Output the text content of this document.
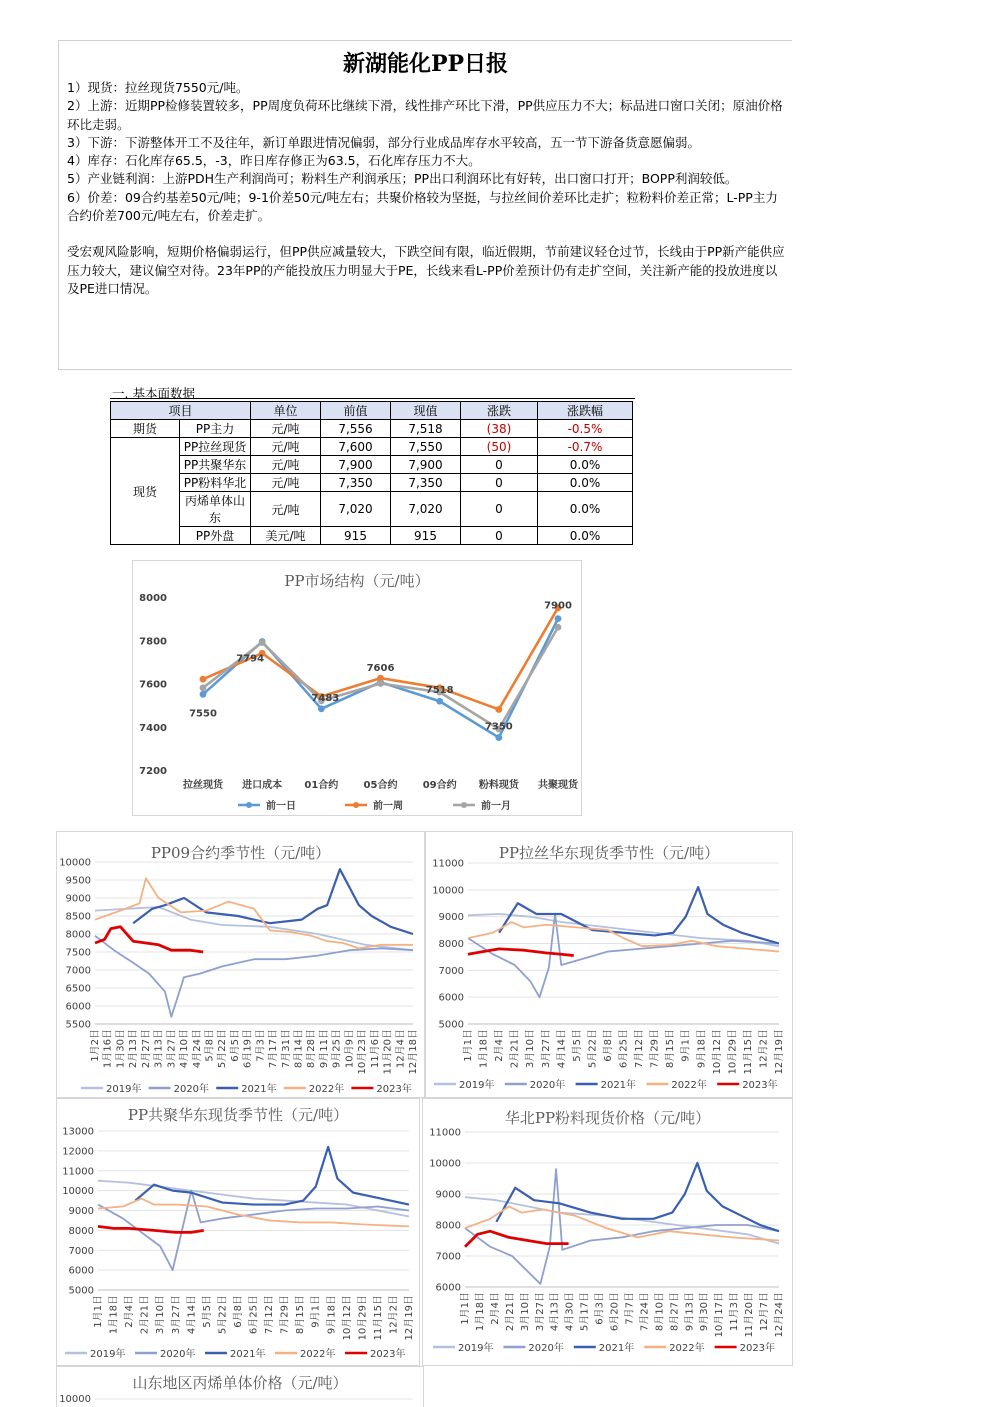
新湖能化PP日报

1）现货：拉丝现货7550元/吨。

2）上游：近期PP检修装置较多，PP周度负荷环比继续下滑，线性排产环比下滑，PP供应压力不大；标品进口窗口关闭；原油价格环比走弱。

3）下游：下游整体开工不及往年，新订单跟进情况偏弱，部分行业成品库存水平较高，五一节下游备货意愿偏弱。

4）库存：石化库存65.5，-3，昨日库存修正为63.5，石化库存压力不大。

5）产业链利润：上游PDH生产利润尚可；粉料生产利润承压；PP出口利润环比有好转，出口窗口打开；BOPP利润较低。

6）价差：09合约基差50元/吨；9-1价差50元/吨左右；共聚价格较为坚挺，与拉丝间价差环比走扩；粒粉料价差正常；L-PP主力合约价差700元/吨左右，价差走扩。

受宏观风险影响，短期价格偏弱运行，但PP供应减量较大，下跌空间有限，临近假期，节前建议轻仓过节，长线由于PP新产能供应压力较大，建议偏空对待。23年PP的产能投放压力明显大于PE，长线来看L-PP价差预计仍有走扩空间，关注新产能的投放进度以及PE进口情况。

一. 基本面数据
项目		单位	前值	现值	涨跌	涨跌幅
期货	PP主力	元/吨	7,556	7,518	(38)	-0.5%
现货	PP拉丝现货	元/吨	7,600	7,550	(50)	-0.7%
	PP共聚华东	元/吨	7,900	7,900	0	0.0%
	PP粉料华北	元/吨	7,350	7,350	0	0.0%
	丙烯单体山东	元/吨	7,020	7,020	0	0.0%
	PP外盘	美元/吨	915	915	0	0.0%
PP市场结构（元/吨）
7200
7400
7600
7800
8000
拉丝现货 进口成本 01合约	05合约	09合约 粉料现货 共聚现货
7550
7794
7483
7606
7518
7350
7900
前一日	前一周	前一月
PP09合约季节性（元/吨）
5500
6000
6500
7000
7500
8000
8500
9000
9500
10000
1月2日 1月16日 1月30日 2月13日 2月27日 3月13日 3月27日 4月10日 4月24日 5月8日 5月22日 6月5日 6月19日 7月3日 7月17日 7月31日 8月14日 8月28日 9月11日 9月25日 10月9日 10月23日 11月6日 11月20日 12月4日 12月18日
2019年	2020年	2021年	2022年	2023年
PP拉丝华东现货季节性（元/吨）
5000
6000
7000
8000
9000
10000
11000
1月1日 1月18日 2月4日 2月21日 3月10日 3月27日 4月14日 5月5日 5月22日 6月8日 6月25日 7月12日 7月29日 8月15日 9月1日 9月18日 10月12日 10月29日 11月15日 12月2日 12月19日
2019年	2020年	2021年	2022年	2023年
PP共聚华东现货季节性（元/吨）
5000
6000
7000
8000
9000
10000
11000
12000
13000
1月1日 1月18日 2月4日 2月21日 3月10日 3月27日 4月14日 5月5日 5月22日 6月8日 6月25日 7月12日 7月29日 8月15日 9月1日 9月18日 10月12日 10月29日 11月15日 12月2日 12月19日
2019年	2020年	2021年	2022年	2023年
华北PP粉料现货价格（元/吨）
6000
7000
8000
9000
10000
11000
1月1日 1月18日 2月4日 2月21日 3月10日 3月27日 4月13日 4月30日 5月17日 6月3日 6月20日 7月7日 7月24日 8月10日 8月27日 9月13日 9月30日 10月17日 11月3日 11月20日 12月7日 12月24日
2019年	2020年	2021年	2022年	2023年
山东地区丙烯单体价格（元/吨）
10000
